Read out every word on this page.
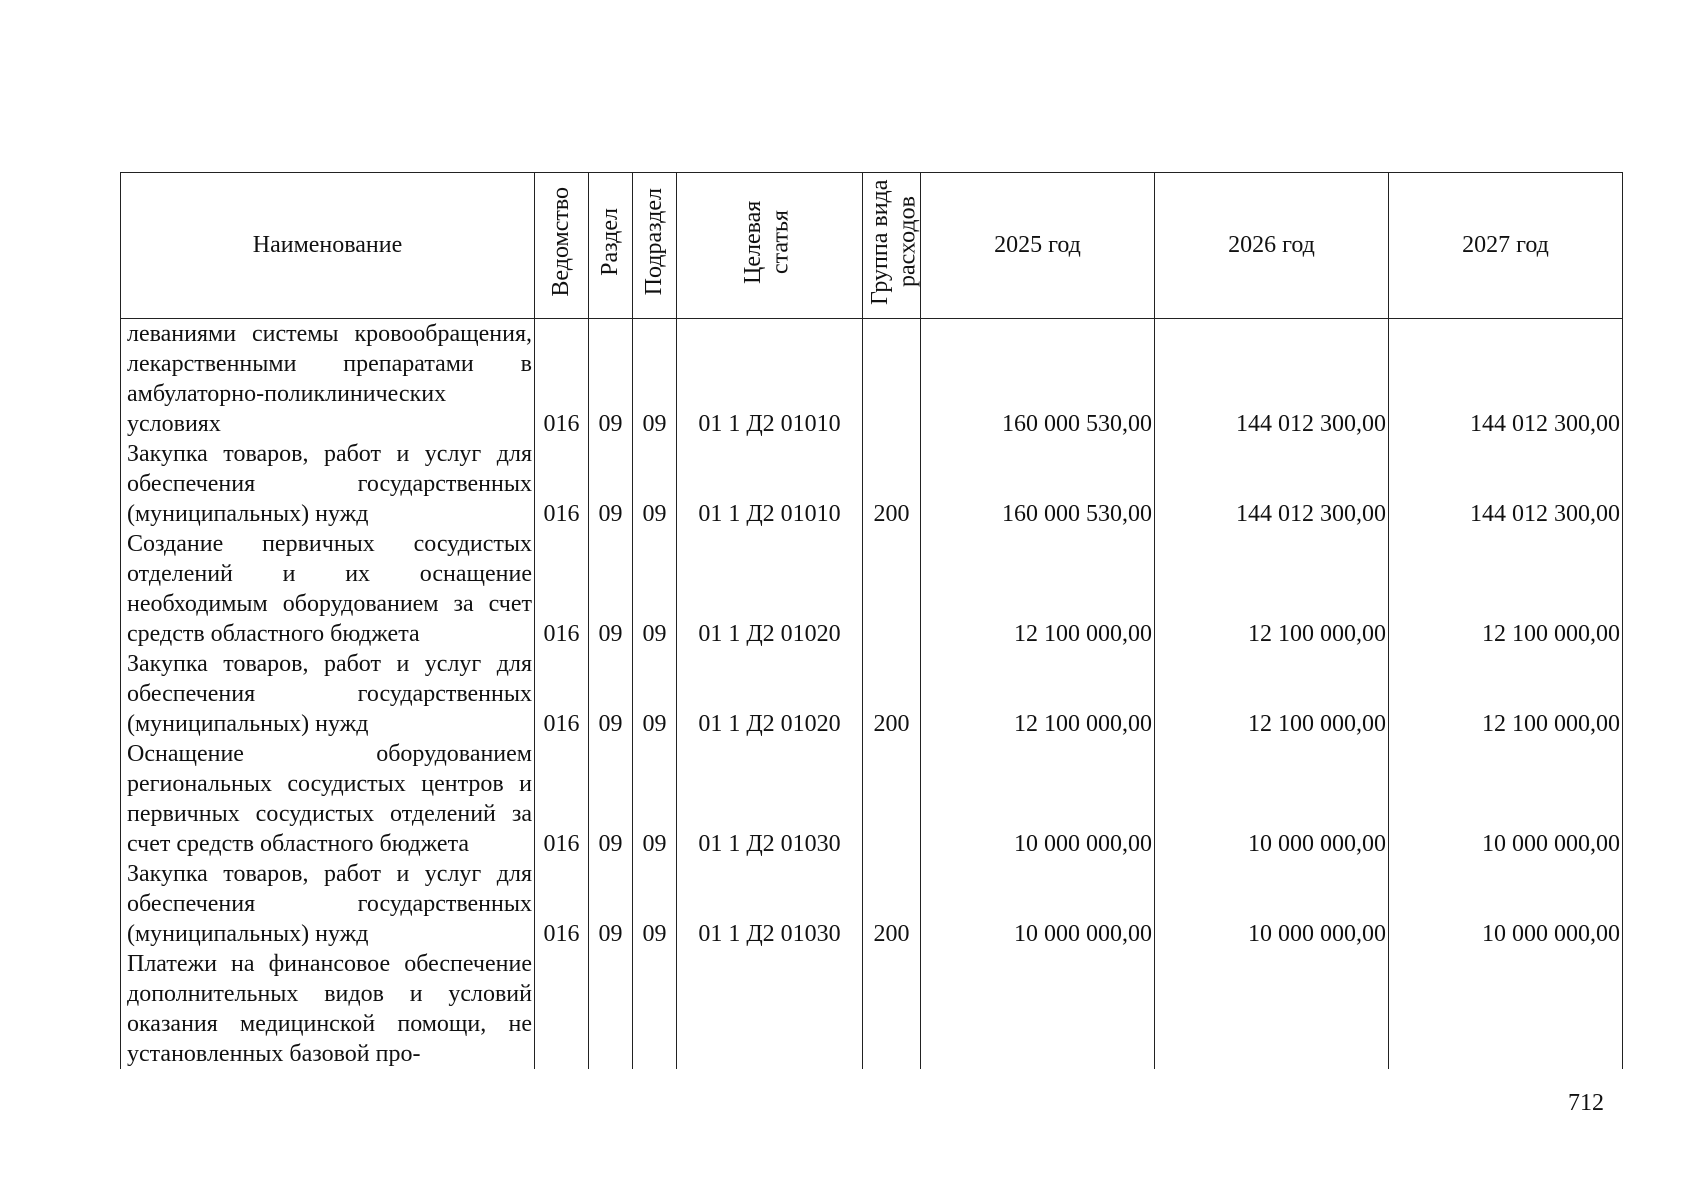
Наименование	Ведомство	Раздел	Подраздел	Целевая статья	Группа вида расходов	2025 год	2026 год	2027 год
леваниями системы кровообращения, лекарственными препаратами в амбулаторно-поликлинических условиях	016	09	09	01 1 Д2 01010		160 000 530,00	144 012 300,00	144 012 300,00
Закупка товаров, работ и услуг для обеспечения государственных (муниципальных) нужд	016	09	09	01 1 Д2 01010	200	160 000 530,00	144 012 300,00	144 012 300,00
Создание первичных сосудистых отделений и их оснащение необходимым оборудованием за счет средств областного бюджета	016	09	09	01 1 Д2 01020		12 100 000,00	12 100 000,00	12 100 000,00
Закупка товаров, работ и услуг для обеспечения государственных (муниципальных) нужд	016	09	09	01 1 Д2 01020	200	12 100 000,00	12 100 000,00	12 100 000,00
Оснащение оборудованием региональных сосудистых центров и первичных сосудистых отделений за счет средств областного бюджета	016	09	09	01 1 Д2 01030		10 000 000,00	10 000 000,00	10 000 000,00
Закупка товаров, работ и услуг для обеспечения государственных (муниципальных) нужд	016	09	09	01 1 Д2 01030	200	10 000 000,00	10 000 000,00	10 000 000,00
Платежи на финансовое обеспечение дополнительных видов и условий оказания медицинской помощи, не установленных базовой про-								
712
